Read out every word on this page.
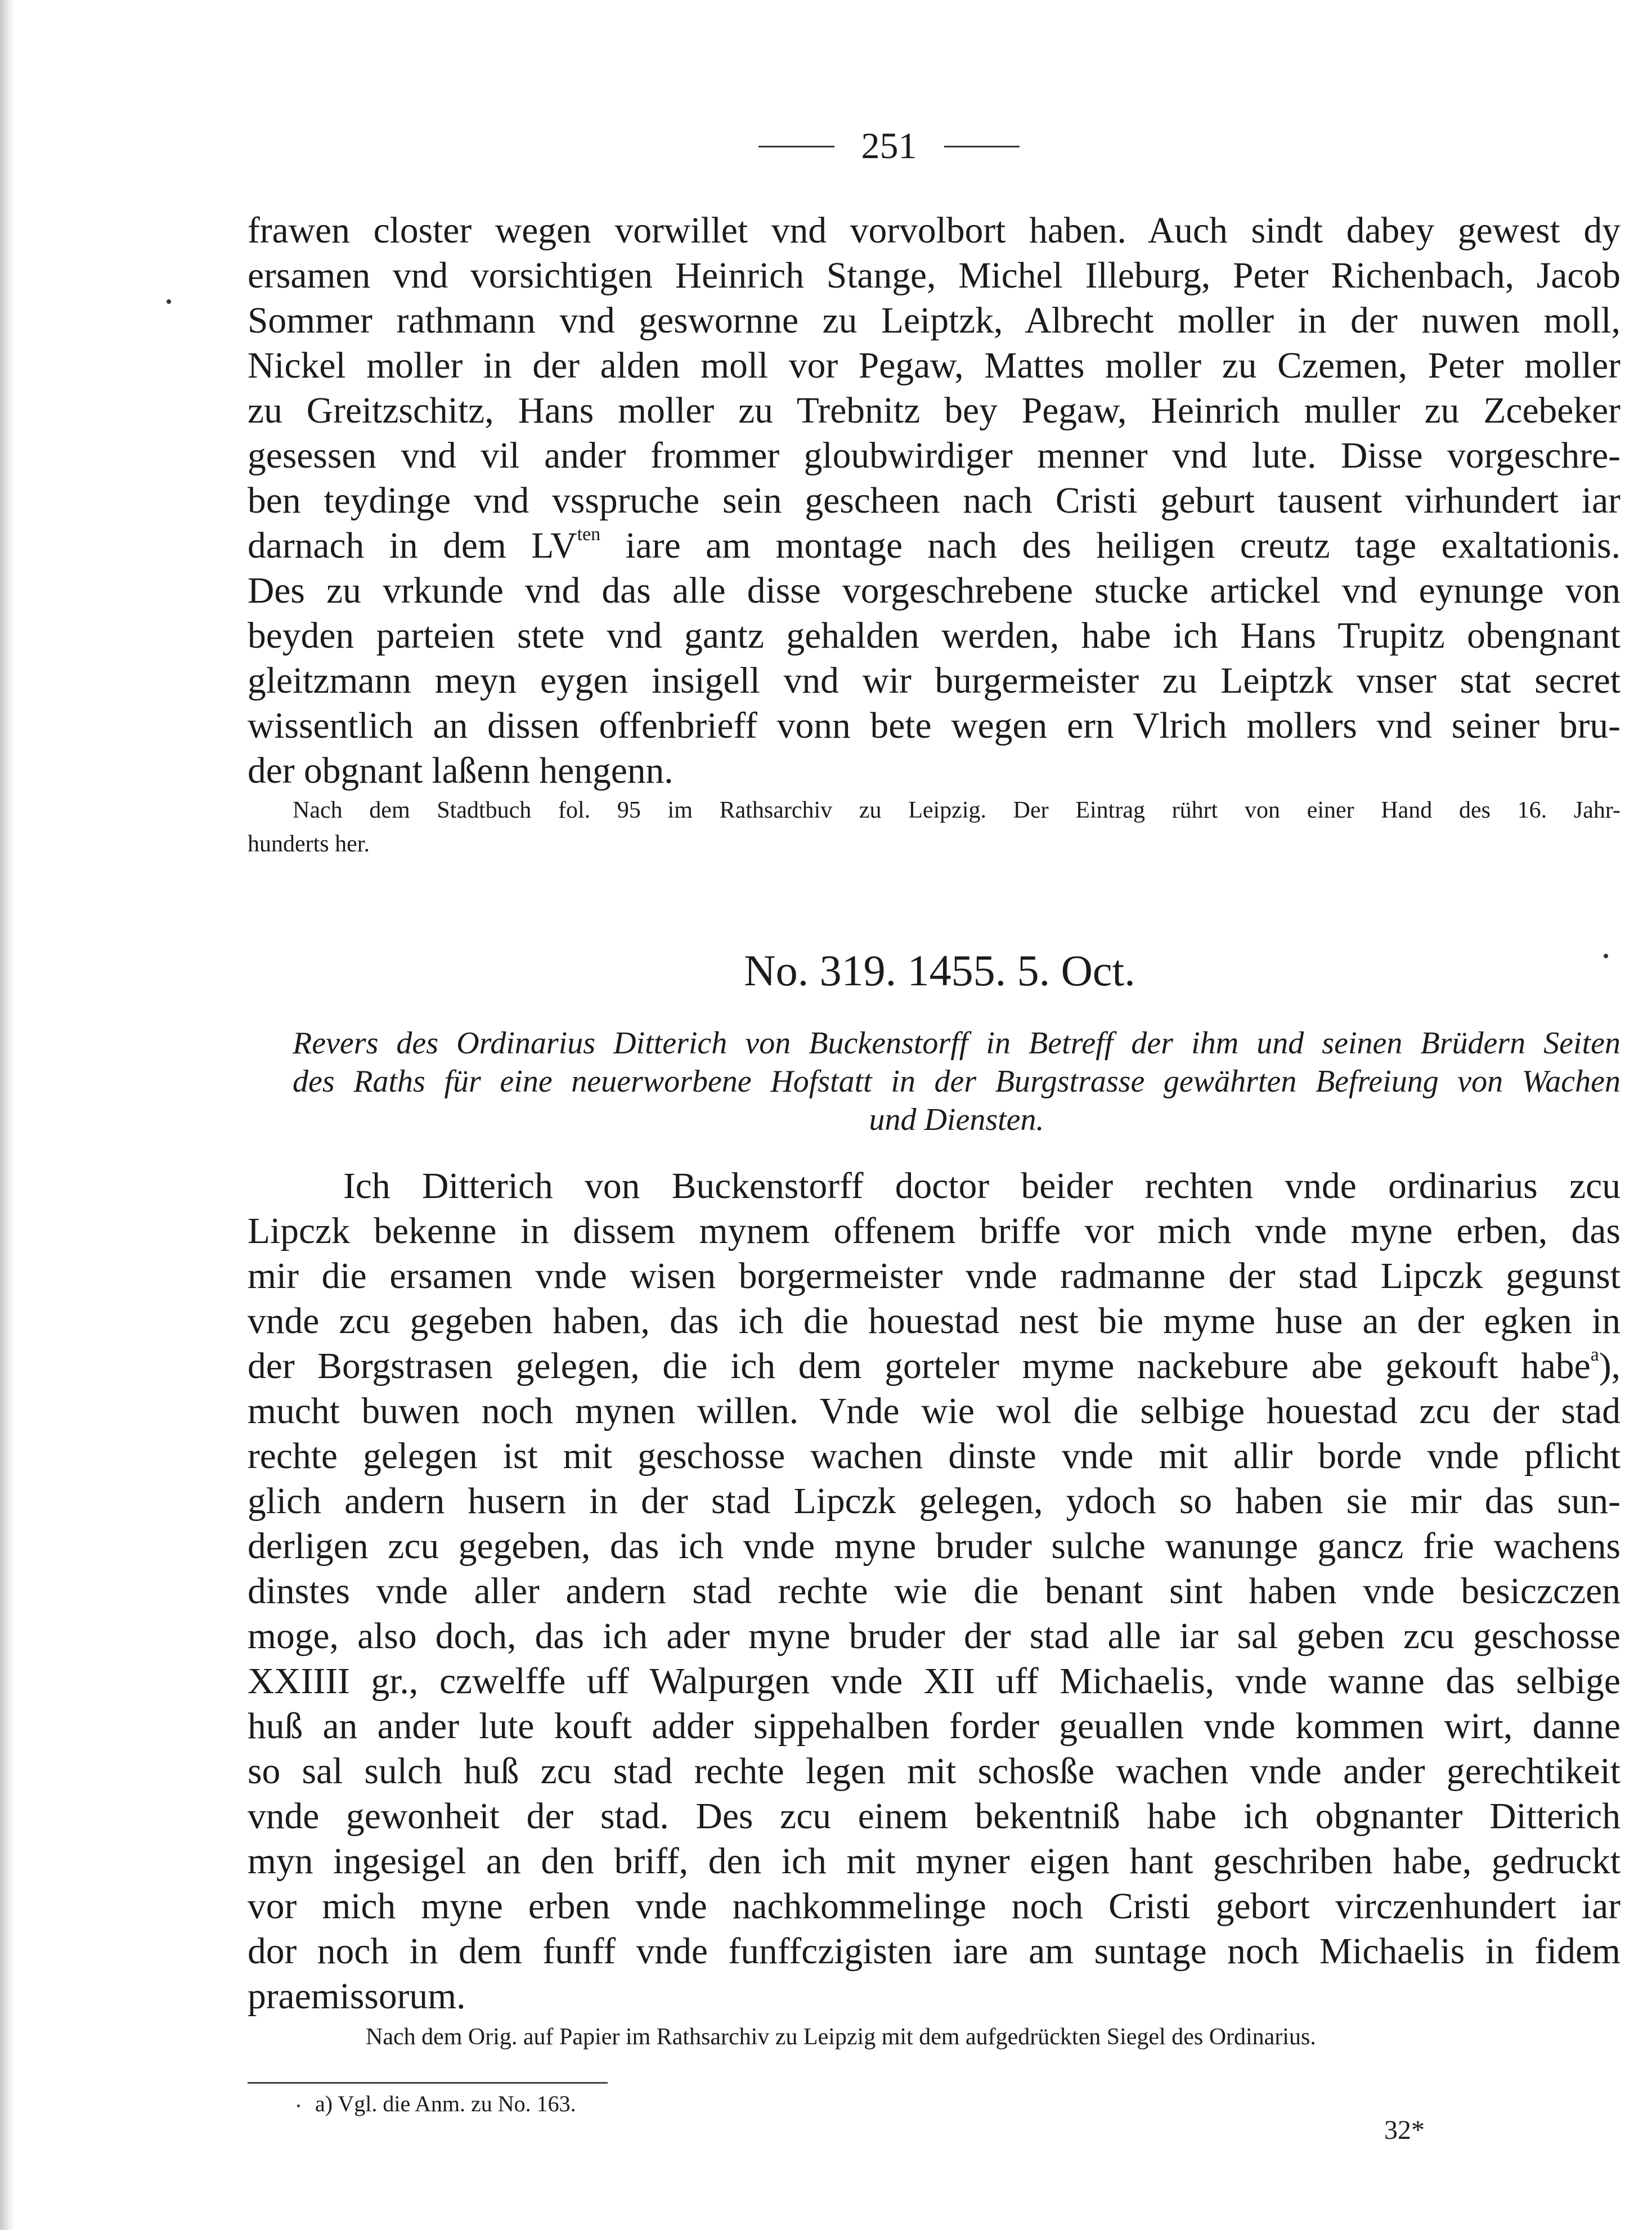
251
frawen closter wegen vorwillet vnd vorvolbort haben. Auch sindt dabey gewest dy
ersamen vnd vorsichtigen Heinrich Stange, Michel Illeburg, Peter Richenbach, Jacob
Sommer rathmann vnd geswornne zu Leiptzk, Albrecht moller in der nuwen moll,
Nickel moller in der alden moll vor Pegaw, Mattes moller zu Czemen, Peter moller
zu Greitzschitz, Hans moller zu Trebnitz bey Pegaw, Heinrich muller zu Zcebeker
gesessen vnd vil ander frommer gloubwirdiger menner vnd lute. Disse vorgeschre-
ben teydinge vnd vsspruche sein gescheen nach Cristi geburt tausent virhundert iar
darnach in dem $LV^{ten}$ iare am montage nach des heiligen creutz tage exaltationis.
Des zu vrkunde vnd das alle disse vorgeschrebene stucke artickel vnd eynunge von
beyden parteien stete vnd gantz gehalden werden, habe ich Hans Trupitz obengnant
gleitzmann meyn eygen insigell vnd wir burgermeister zu Leiptzk vnser stat secret
wissentlich an dissen offenbrieff vonn bete wegen ern Vlrich mollers vnd seiner bru-
der obgnant laßenn hengenn.
Nach dem Stadtbuch fol. 95 im Rathsarchiv zu Leipzig. Der Eintrag rührt von einer Hand des 16. Jahr-
hunderts her.
No. 319. 1455. 5. Oct.
Revers des Ordinarius Ditterich von Buckenstorff in Betreff der ihm und seinen Brüdern Seiten
des Raths für eine neuerworbene Hofstatt in der Burgstrasse gewährten Befreiung von Wachen
und Diensten.
Ich Ditterich von Buckenstorff doctor beider rechten vnde ordinarius zcu
Lipczk bekenne in dissem mynem offenem briffe vor mich vnde myne erben, das
mir die ersamen vnde wisen borgermeister vnde radmanne der stad Lipczk gegunst
vnde zcu gegeben haben, das ich die houestad nest bie myme huse an der egken in
der Borgstrasen gelegen, die ich dem gorteler myme nackebure abe gekouft habe$^a$),
mucht buwen noch mynen willen. Vnde wie wol die selbige houestad zcu der stad
rechte gelegen ist mit geschosse wachen dinste vnde mit allir borde vnde pflicht
glich andern husern in der stad Lipczk gelegen, ydoch so haben sie mir das sun-
derligen zcu gegeben, das ich vnde myne bruder sulche wanunge gancz frie wachens
dinstes vnde aller andern stad rechte wie die benant sint haben vnde besiczczen
moge, also doch, das ich ader myne bruder der stad alle iar sal geben zcu geschosse
XXIIII gr., czwelffe uff Walpurgen vnde XII uff Michaelis, vnde wanne das selbige
huß an ander lute kouft adder sippehalben forder geuallen vnde kommen wirt, danne
so sal sulch huß zcu stad rechte legen mit schosße wachen vnde ander gerechtikeit
vnde gewonheit der stad. Des zcu einem bekentniß habe ich obgnanter Ditterich
myn ingesigel an den briff, den ich mit myner eigen hant geschriben habe, gedruckt
vor mich myne erben vnde nachkommelinge noch Cristi gebort virczenhundert iar
dor noch in dem funff vnde funffczigisten iare am suntage noch Michaelis in fidem
praemissorum.
Nach dem Orig. auf Papier im Rathsarchiv zu Leipzig mit dem aufgedrückten Siegel des Ordinarius.
a) Vgl. die Anm. zu No. 163.
32*
